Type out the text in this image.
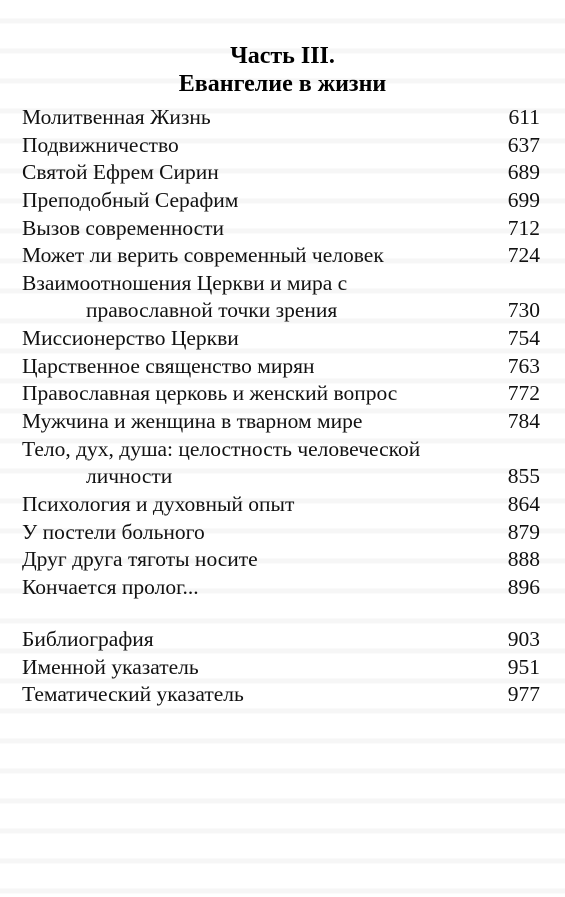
Часть III.
Евангелие в жизни
Молитвенная Жизнь	611
Подвижничество	637
Святой Ефрем Сирин	689
Преподобный Серафим	699
Вызов современности	712
Может ли верить современный человек	724
Взаимоотношения Церкви и мира с
православной точки зрения	730
Миссионерство Церкви	754
Царственное священство мирян	763
Православная церковь и женский вопрос	772
Мужчина и женщина в тварном мире	784
Тело, дух, душа: целостность человеческой
личности	855
Психология и духовный опыт	864
У постели больного	879
Друг друга тяготы носите	888
Кончается пролог...	896
Библиография	903
Именной указатель	951
Тематический указатель	977
